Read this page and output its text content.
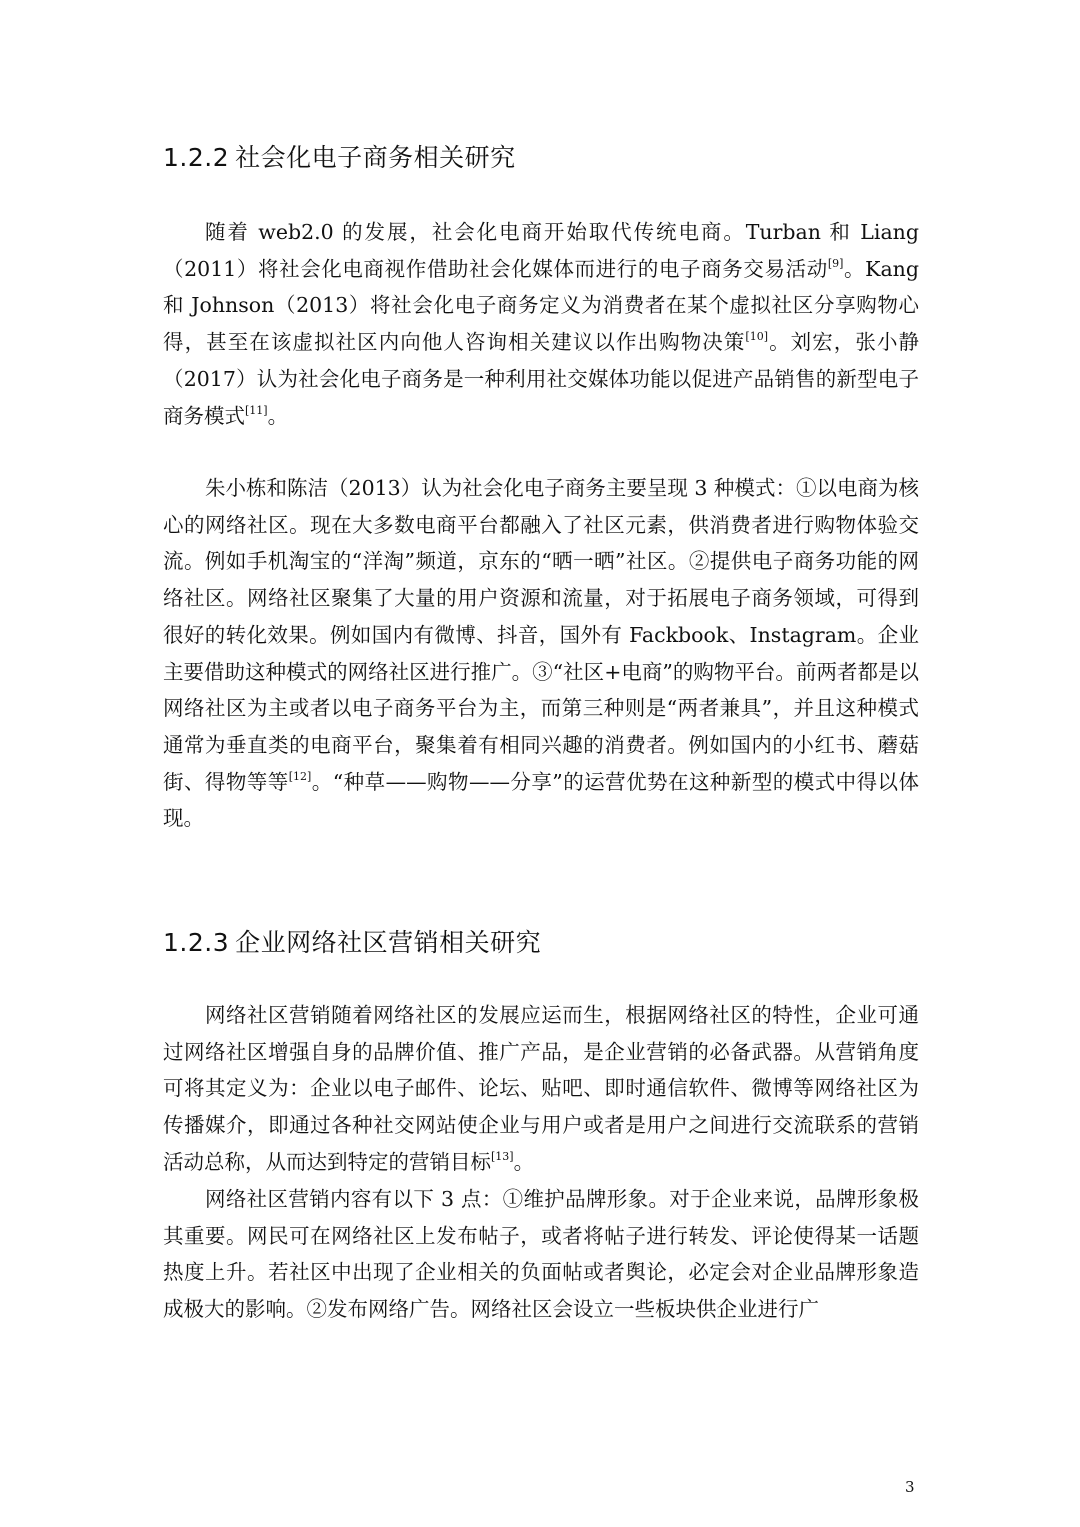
1.2.2 社会化电子商务相关研究

随着 web2.0 的发展，社会化电商开始取代传统电商。Turban 和 Liang（2011）将社会化电商视作借助社会化媒体而进行的电子商务交易活动[9]。Kang 和 Johnson（2013）将社会化电子商务定义为消费者在某个虚拟社区分享购物心得，甚至在该虚拟社区内向他人咨询相关建议以作出购物决策[10]。刘宏，张小静（2017）认为社会化电子商务是一种利用社交媒体功能以促进产品销售的新型电子商务模式[11]。

朱小栋和陈洁（2013）认为社会化电子商务主要呈现 3 种模式：①以电商为核心的网络社区。现在大多数电商平台都融入了社区元素，供消费者进行购物体验交流。例如手机淘宝的“洋淘”频道，京东的“晒一晒”社区。②提供电子商务功能的网络社区。网络社区聚集了大量的用户资源和流量，对于拓展电子商务领域，可得到很好的转化效果。例如国内有微博、抖音，国外有 Fackbook、Instagram。企业主要借助这种模式的网络社区进行推广。③“社区+电商”的购物平台。前两者都是以网络社区为主或者以电子商务平台为主，而第三种则是“两者兼具”，并且这种模式通常为垂直类的电商平台，聚集着有相同兴趣的消费者。例如国内的小红书、蘑菇街、得物等等[12]。“种草——购物——分享”的运营优势在这种新型的模式中得以体现。

1.2.3 企业网络社区营销相关研究

网络社区营销随着网络社区的发展应运而生，根据网络社区的特性，企业可通过网络社区增强自身的品牌价值、推广产品，是企业营销的必备武器。从营销角度可将其定义为：企业以电子邮件、论坛、贴吧、即时通信软件、微博等网络社区为传播媒介，即通过各种社交网站使企业与用户或者是用户之间进行交流联系的营销活动总称，从而达到特定的营销目标[13]。

网络社区营销内容有以下 3 点：①维护品牌形象。对于企业来说，品牌形象极其重要。网民可在网络社区上发布帖子，或者将帖子进行转发、评论使得某一话题热度上升。若社区中出现了企业相关的负面帖或者舆论，必定会对企业品牌形象造成极大的影响。②发布网络广告。网络社区会设立一些板块供企业进行广

3
